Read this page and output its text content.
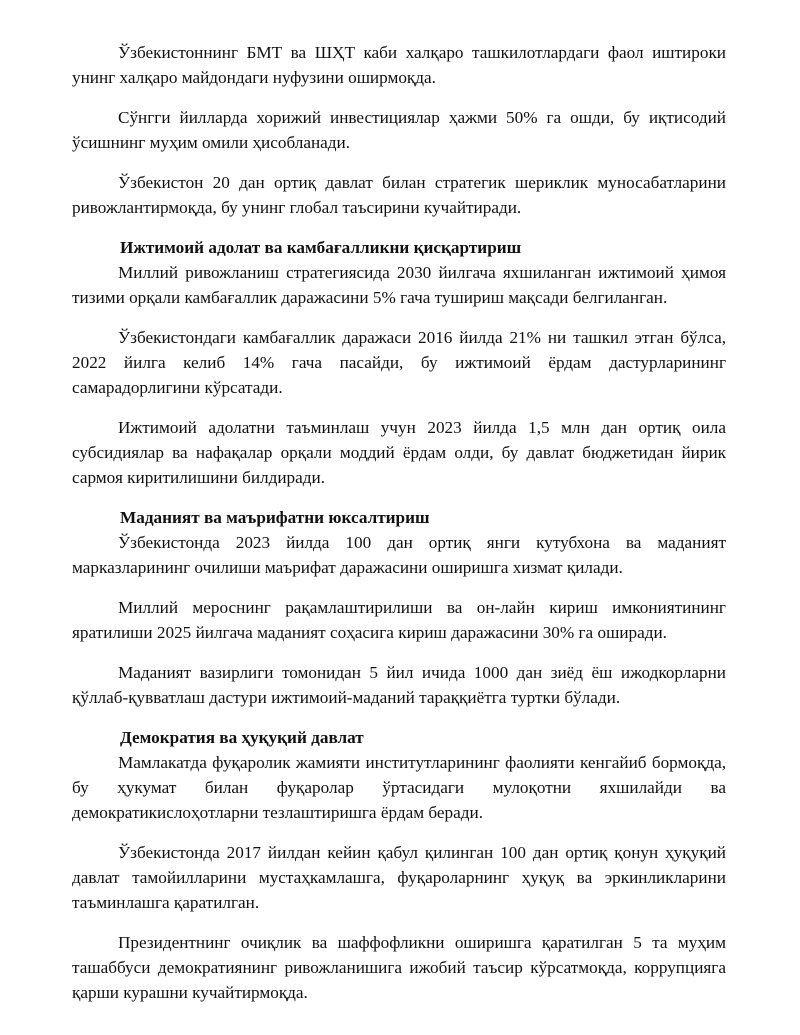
Ўзбекистоннинг БМТ ва ШҲТ каби халқаро ташкилотлардаги фаол иштироки унинг халқаро майдондаги нуфузини оширмоқда.

Сўнгги йилларда хорижий инвестициялар ҳажми 50% га ошди, бу иқтисодий ўсишнинг муҳим омили ҳисобланади.

Ўзбекистон 20 дан ортиқ давлат билан стратегик шериклик муносабатларини ривожлантирмоқда, бу унинг глобал таъсирини кучайтиради.

Ижтимоий адолат ва камбағалликни қисқартириш

Миллий ривожланиш стратегиясида 2030 йилгача яхшиланган ижтимоий ҳимоя тизими орқали камбағаллик даражасини 5% гача тушириш мақсади белгиланган.

Ўзбекистондаги камбағаллик даражаси 2016 йилда 21% ни ташкил этган бўлса, 2022 йилга келиб 14% гача пасайди, бу ижтимоий ёрдам дастурларининг самарадорлигини кўрсатади.

Ижтимоий адолатни таъминлаш учун 2023 йилда 1,5 млн дан ортиқ оила субсидиялар ва нафақалар орқали моддий ёрдам олди, бу давлат бюджетидан йирик сармоя киритилишини билдиради.

Маданият ва маърифатни юксалтириш

Ўзбекистонда 2023 йилда 100 дан ортиқ янги кутубхона ва маданият марказларининг очилиши маърифат даражасини оширишга хизмат қилади.

Миллий мероснинг рақамлаштирилиши ва он-лайн кириш имкониятининг яратилиши 2025 йилгача маданият соҳасига кириш даражасини 30% га оширади.

Маданият вазирлиги томонидан 5 йил ичида 1000 дан зиёд ёш ижодкорларни қўллаб-қувватлаш дастури ижтимоий-маданий тараққиётга туртки бўлади.

Демократия ва ҳуқуқий давлат

Мамлакатда фуқаролик жамияти институтларининг фаолияти кенгайиб бормоқда, бу ҳукумат билан фуқаролар ўртасидаги мулоқотни яхшилайди ва демократикислоҳотларни тезлаштиришга ёрдам беради.

Ўзбекистонда 2017 йилдан кейин қабул қилинган 100 дан ортиқ қонун ҳуқуқий давлат тамойилларини мустаҳкамлашга, фуқароларнинг ҳуқуқ ва эркинликларини таъминлашга қаратилган.

Президентнинг очиқлик ва шаффофликни оширишга қаратилган 5 та муҳим ташаббуси демократиянинг ривожланишига ижобий таъсир кўрсатмоқда, коррупцияга қарши курашни кучайтирмоқда.
